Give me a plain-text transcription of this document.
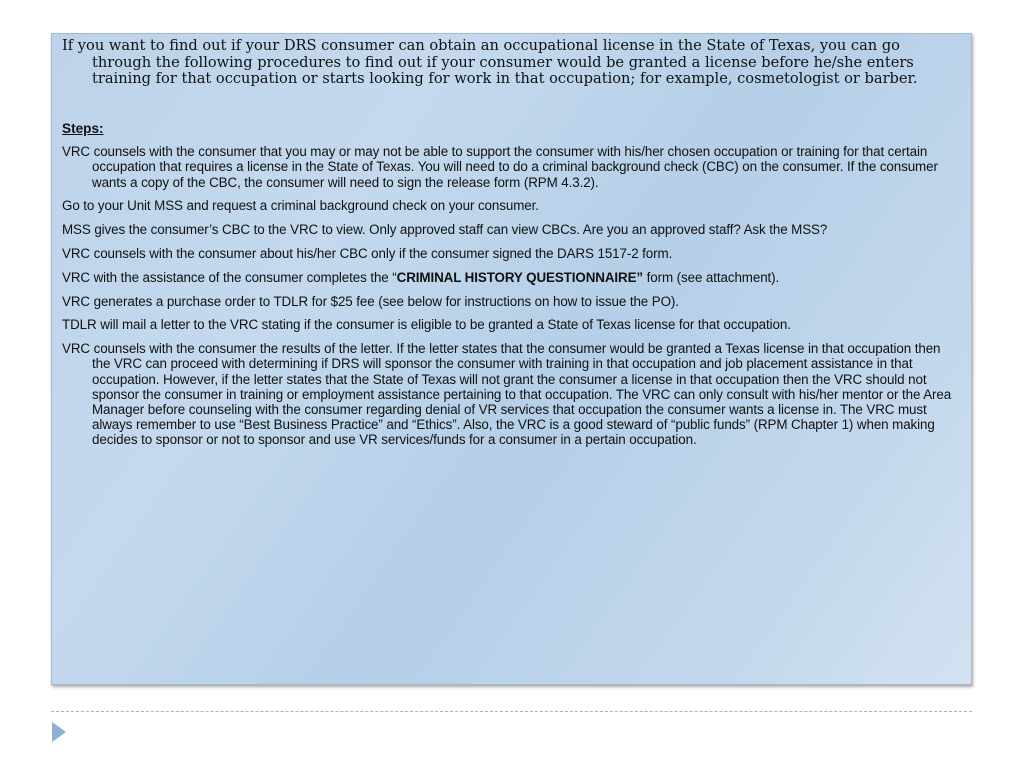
If you want to find out if your DRS consumer can obtain an occupational license in the State of Texas, you can go through the following procedures to find out if your consumer would be granted a license before he/she enters training for that occupation or starts looking for work in that occupation; for example, cosmetologist or barber.

Steps:

VRC counsels with the consumer that you may or may not be able to support the consumer with his/her chosen occupation or training for that certain occupation that requires a license in the State of Texas. You will need to do a criminal background check (CBC) on the consumer. If the consumer wants a copy of the CBC, the consumer will need to sign the release form (RPM 4.3.2).

Go to your Unit MSS and request a criminal background check on your consumer.

MSS gives the consumer’s CBC to the VRC to view. Only approved staff can view CBCs. Are you an approved staff? Ask the MSS?

VRC counsels with the consumer about his/her CBC only if the consumer signed the DARS 1517-2 form.

VRC with the assistance of the consumer completes the “CRIMINAL HISTORY QUESTIONNAIRE” form (see attachment).

VRC generates a purchase order to TDLR for $25 fee (see below for instructions on how to issue the PO).

TDLR will mail a letter to the VRC stating if the consumer is eligible to be granted a State of Texas license for that occupation.

VRC counsels with the consumer the results of the letter. If the letter states that the consumer would be granted a Texas license in that occupation then the VRC can proceed with determining if DRS will sponsor the consumer with training in that occupation and job placement assistance in that occupation. However, if the letter states that the State of Texas will not grant the consumer a license in that occupation then the VRC should not sponsor the consumer in training or employment assistance pertaining to that occupation. The VRC can only consult with his/her mentor or the Area Manager before counseling with the consumer regarding denial of VR services that occupation the consumer wants a license in. The VRC must always remember to use “Best Business Practice” and “Ethics”. Also, the VRC is a good steward of “public funds” (RPM Chapter 1) when making decides to sponsor or not to sponsor and use VR services/funds for a consumer in a pertain occupation.
